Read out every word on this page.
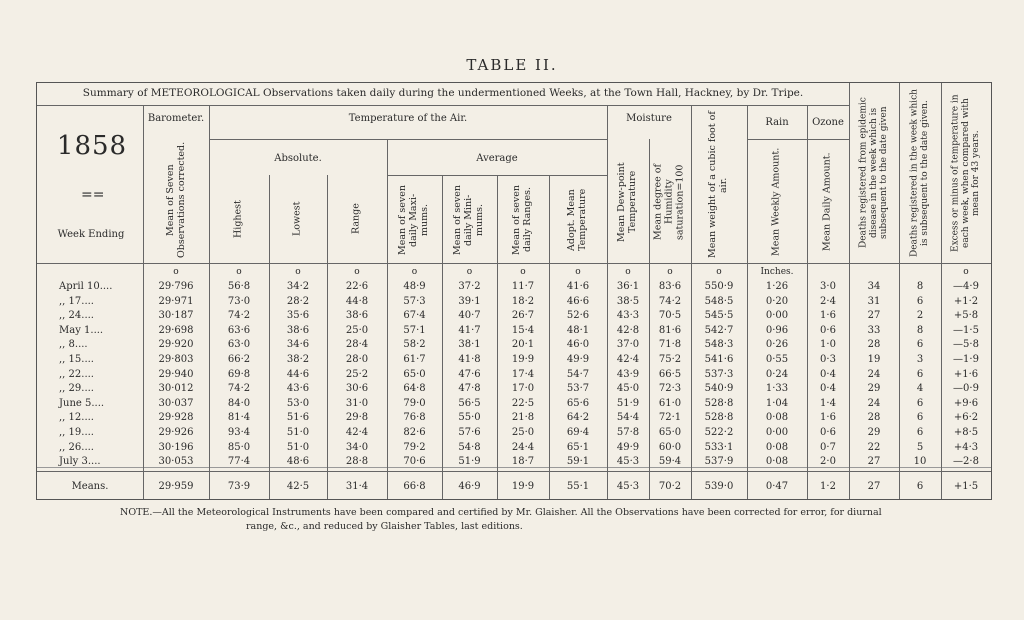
TABLE II.
Summary of METEOROLOGICAL Observations taken daily during the undermentioned Weeks, at the Town Hall, Hackney, by Dr. Tripe.
1858
==
Week Ending
Barometer.	Temperature of the Air.
Absolute.	Average
Moisture	Rain	Ozone
Mean of Seven Observations corrected.	Highest	Lowest	Range	Mean of seven daily Maxi-mums.	Mean of seven daily Mini-mums.	Mean of seven daily Ranges.	Adopt. Mean Temperature	Mean Dew-point Temperature	Mean degree of Humidity saturation=100	Mean weight of a cubic foot of air.	Mean Weekly Amount.	Mean Daily Amount.	Deaths registered from epidemic disease in the week which is subsequent to the date given	Deaths registered in the week which is subsequent to the date given.	Excess or minus of temperature in each week, when compared with mean for 43 years.
o	o	o	o	o	o	o	o	o	o	o	Inches.	o
April 10....	29·796	56·8	34·2	22·6	48·9	37·2	11·7	41·6	36·1	83·6	550·9	1·26	3·0	34	8	—4·9
,, 17....	29·971	73·0	28·2	44·8	57·3	39·1	18·2	46·6	38·5	74·2	548·5	0·20	2·4	31	6	+1·2
,, 24....	30·187	74·2	35·6	38·6	67·4	40·7	26·7	52·6	43·3	70·5	545·5	0·00	1·6	27	2	+5·8
May 1....	29·698	63·6	38·6	25·0	57·1	41·7	15·4	48·1	42·8	81·6	542·7	0·96	0·6	33	8	—1·5
,, 8....	29·920	63·0	34·6	28·4	58·2	38·1	20·1	46·0	37·0	71·8	548·3	0·26	1·0	28	6	—5·8
,, 15....	29·803	66·2	38·2	28·0	61·7	41·8	19·9	49·9	42·4	75·2	541·6	0·55	0·3	19	3	—1·9
,, 22....	29·940	69·8	44·6	25·2	65·0	47·6	17·4	54·7	43·9	66·5	537·3	0·24	0·4	24	6	+1·6
,, 29....	30·012	74·2	43·6	30·6	64·8	47·8	17·0	53·7	45·0	72·3	540·9	1·33	0·4	29	4	—0·9
June 5....	30·037	84·0	53·0	31·0	79·0	56·5	22·5	65·6	51·9	61·0	528·8	1·04	1·4	24	6	+9·6
,, 12....	29·928	81·4	51·6	29·8	76·8	55·0	21·8	64·2	54·4	72·1	528·8	0·08	1·6	28	6	+6·2
,, 19....	29·926	93·4	51·0	42·4	82·6	57·6	25·0	69·4	57·8	65·0	522·2	0·00	0·6	29	6	+8·5
,, 26....	30·196	85·0	51·0	34·0	79·2	54·8	24·4	65·1	49·9	60·0	533·1	0·08	0·7	22	5	+4·3
July 3....	30·053	77·4	48·6	28·8	70·6	51·9	18·7	59·1	45·3	59·4	537·9	0·08	2·0	27	10	—2·8
Means.	29·959	73·9	42·5	31·4	66·8	46·9	19·9	55·1	45·3	70·2	539·0	0·47	1·2	27	6	+1·5
NOTE.—All the Meteorological Instruments have been compared and certified by Mr. Glaisher. All the Observations have been corrected for error, for diurnal
range, &c., and reduced by Glaisher Tables, last editions.
